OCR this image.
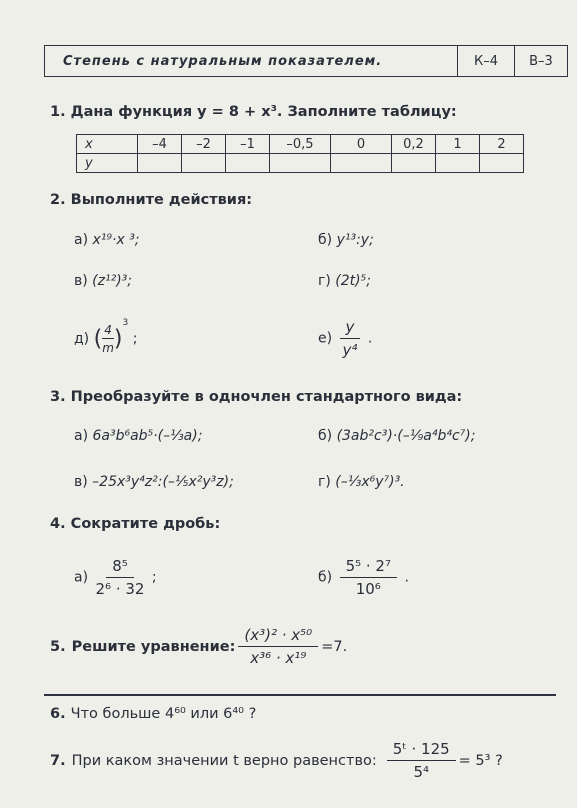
Степень с натуральным показателем.	К–4	В–3
1. Дана функция y = 8 + x³. Заполните таблицу:
x	–4	–2	–1	–0,5	0	0,2	1	2
y								
2. Выполните действия:
а) x¹⁹·x ³;	б) y¹³:y;
в) (z¹²)³;	г) (2t)⁵;
д) ( $\frac{4}{m} )^3$ ;	$е) \frac{y}{\text{y⁴}}$ .
3. Преобразуйте в одночлен стандартного вида:
а) 6a³b⁶ab⁵·(–⅓a);	б) (3ab²c³)·(–¹⁄₉a⁴b⁴c⁷);
в) –25x³y⁴z²:(–⅕x²y³z);	г) (–⅓x⁶y⁷)³.
4. Сократите дробь:
$а) \frac{\text{8⁵}}{\text{2⁶ · 32}}$ ;	$б) \frac{\text{5⁵ · 2⁷}}{\text{10⁶}}$ .
5. Решите уравнение: $\frac{\text{(x³)² · x⁵⁰}}{\text{x³⁶ · x¹⁹}} =7$.
6. Что больше 4⁶⁰ или 6⁴⁰ ?
7. При каком значении t верно равенство: $\frac{\text{5ᵗ · 125}}{\text{5⁴}} = 5^3$ ?
